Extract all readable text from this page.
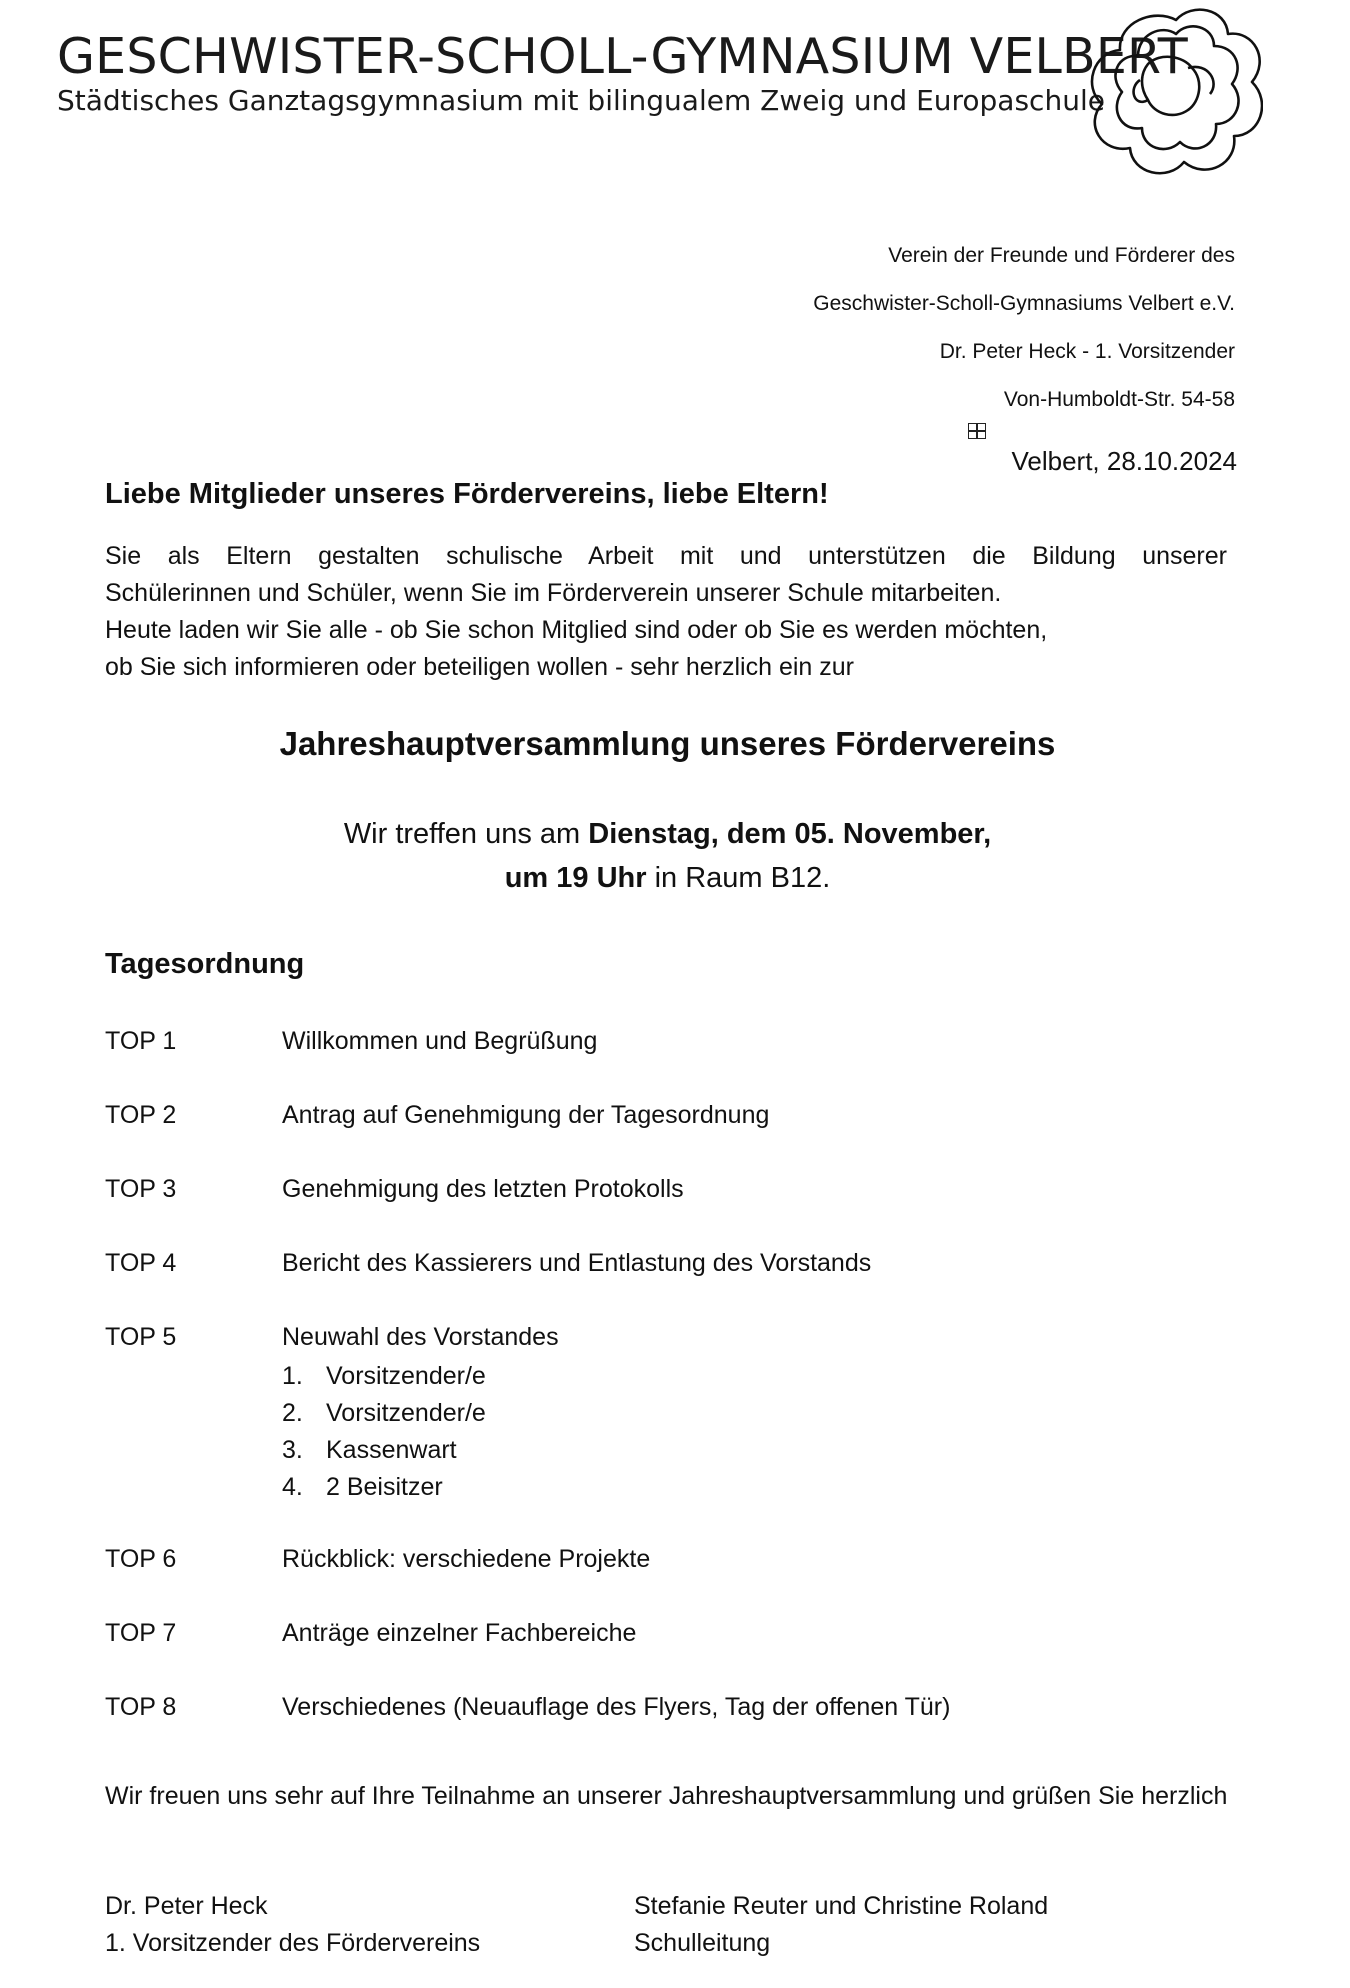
GESCHWISTER-SCHOLL-GYMNASIUM VELBERT
Städtisches Ganztagsgymnasium mit bilingualem Zweig und Europaschule
Verein der Freunde und Förderer des
Geschwister-Scholl-Gymnasiums Velbert e.V.
Dr. Peter Heck - 1. Vorsitzender
Von-Humboldt-Str. 54-58
Velbert, 28.10.2024
Liebe Mitglieder unseres Fördervereins, liebe Eltern!
Sie als Eltern gestalten schulische Arbeit mit und unterstützen die Bildung unserer
Schülerinnen und Schüler, wenn Sie im Förderverein unserer Schule mitarbeiten.
Heute laden wir Sie alle - ob Sie schon Mitglied sind oder ob Sie es werden möchten,
ob Sie sich informieren oder beteiligen wollen - sehr herzlich ein zur
Jahreshauptversammlung unseres Fördervereins
Wir treffen uns am Dienstag, dem 05. November,
um 19 Uhr in Raum B12.
Tagesordnung
TOP 1	Willkommen und Begrüßung
TOP 2	Antrag auf Genehmigung der Tagesordnung
TOP 3	Genehmigung des letzten Protokolls
TOP 4	Bericht des Kassierers und Entlastung des Vorstands
TOP 5	Neuwahl des Vorstandes
1. Vorsitzender/e
2. Vorsitzender/e
3. Kassenwart
4. 2 Beisitzer
TOP 6	Rückblick: verschiedene Projekte
TOP 7	Anträge einzelner Fachbereiche
TOP 8	Verschiedenes (Neuauflage des Flyers, Tag der offenen Tür)
Wir freuen uns sehr auf Ihre Teilnahme an unserer Jahreshauptversammlung und grüßen Sie herzlich
Dr. Peter Heck
1. Vorsitzender des Fördervereins
Stefanie Reuter und Christine Roland
Schulleitung
